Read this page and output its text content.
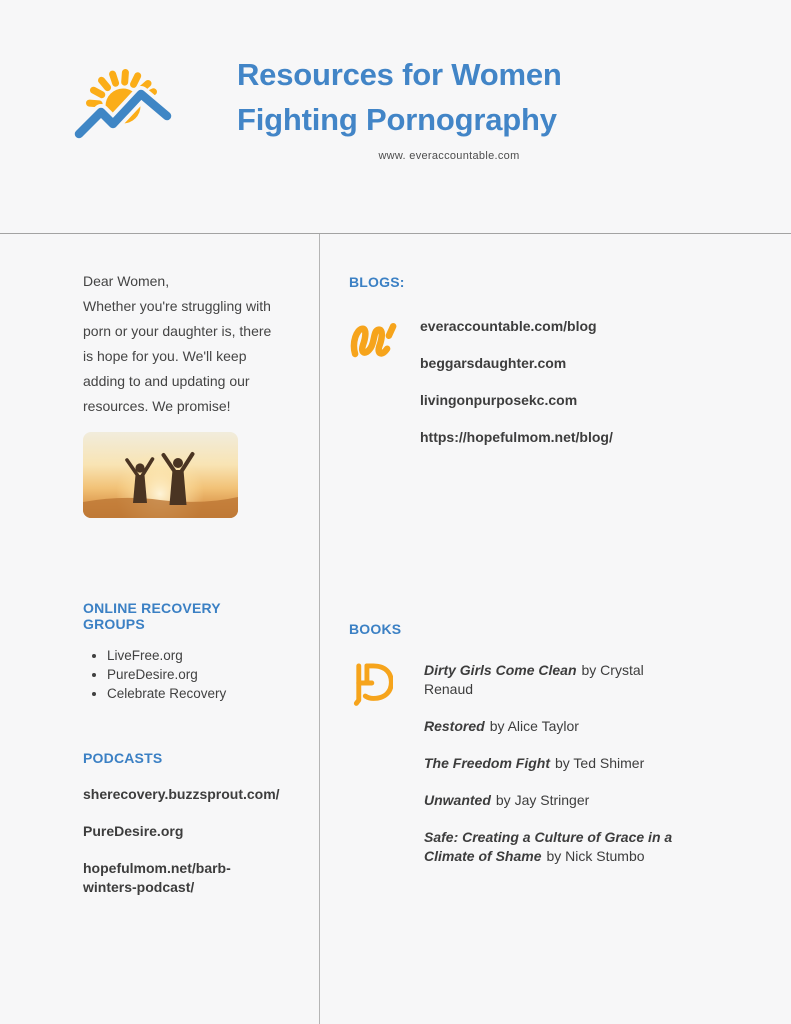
Resources for Women
Fighting Pornography
www. everaccountable.com
Dear Women,
Whether you're struggling with porn or your daughter is, there is hope for you. We'll keep adding to and updating our resources. We promise!
ONLINE RECOVERY GROUPS
• LiveFree.org
• PureDesire.org
• Celebrate Recovery
PODCASTS
sherecovery.buzzsprout.com/
PureDesire.org
hopefulmom.net/barb-winters-podcast/
BLOGS:
everaccountable.com/blog
beggarsdaughter.com
livingonpurposekc.com
https://hopefulmom.net/blog/
BOOKS
Dirty Girls Come Clean by Crystal Renaud
Restored by Alice Taylor
The Freedom Fight by Ted Shimer
Unwanted by Jay Stringer
Safe: Creating a Culture of Grace in a Climate of Shame by Nick Stumbo
